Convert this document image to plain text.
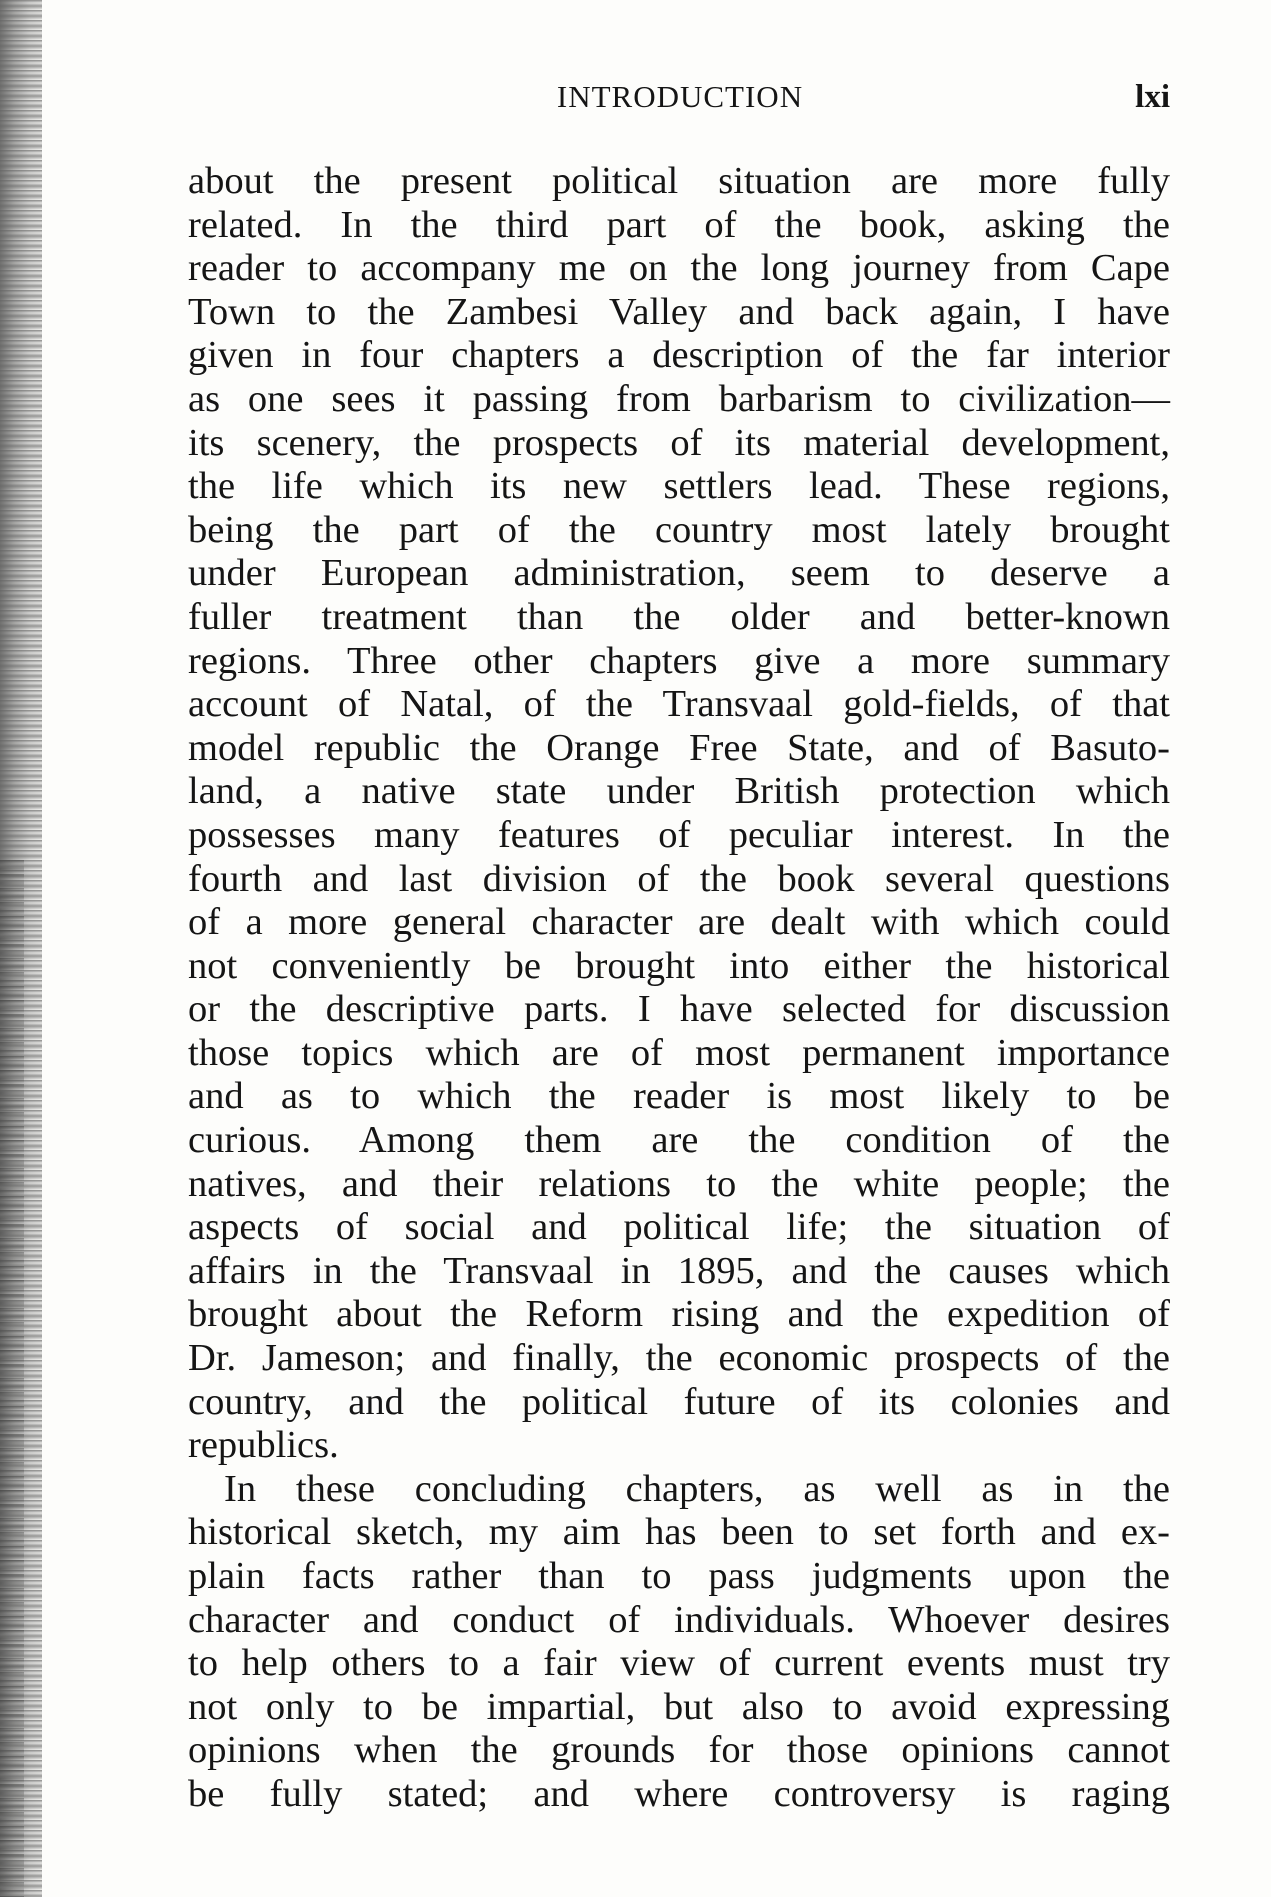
INTRODUCTION	lxi
about the present political situation are more fully
related. In the third part of the book, asking the
reader to accompany me on the long journey from Cape
Town to the Zambesi Valley and back again, I have
given in four chapters a description of the far interior
as one sees it passing from barbarism to civilization—
its scenery, the prospects of its material development,
the life which its new settlers lead. These regions,
being the part of the country most lately brought
under European administration, seem to deserve a
fuller treatment than the older and better-known
regions. Three other chapters give a more summary
account of Natal, of the Transvaal gold-fields, of that
model republic the Orange Free State, and of Basuto-
land, a native state under British protection which
possesses many features of peculiar interest. In the
fourth and last division of the book several questions
of a more general character are dealt with which could
not conveniently be brought into either the historical
or the descriptive parts. I have selected for discussion
those topics which are of most permanent importance
and as to which the reader is most likely to be
curious. Among them are the condition of the
natives, and their relations to the white people; the
aspects of social and political life; the situation of
affairs in the Transvaal in 1895, and the causes which
brought about the Reform rising and the expedition of
Dr. Jameson; and finally, the economic prospects of the
country, and the political future of its colonies and
republics.
In these concluding chapters, as well as in the
historical sketch, my aim has been to set forth and ex-
plain facts rather than to pass judgments upon the
character and conduct of individuals. Whoever desires
to help others to a fair view of current events must try
not only to be impartial, but also to avoid expressing
opinions when the grounds for those opinions cannot
be fully stated; and where controversy is raging
